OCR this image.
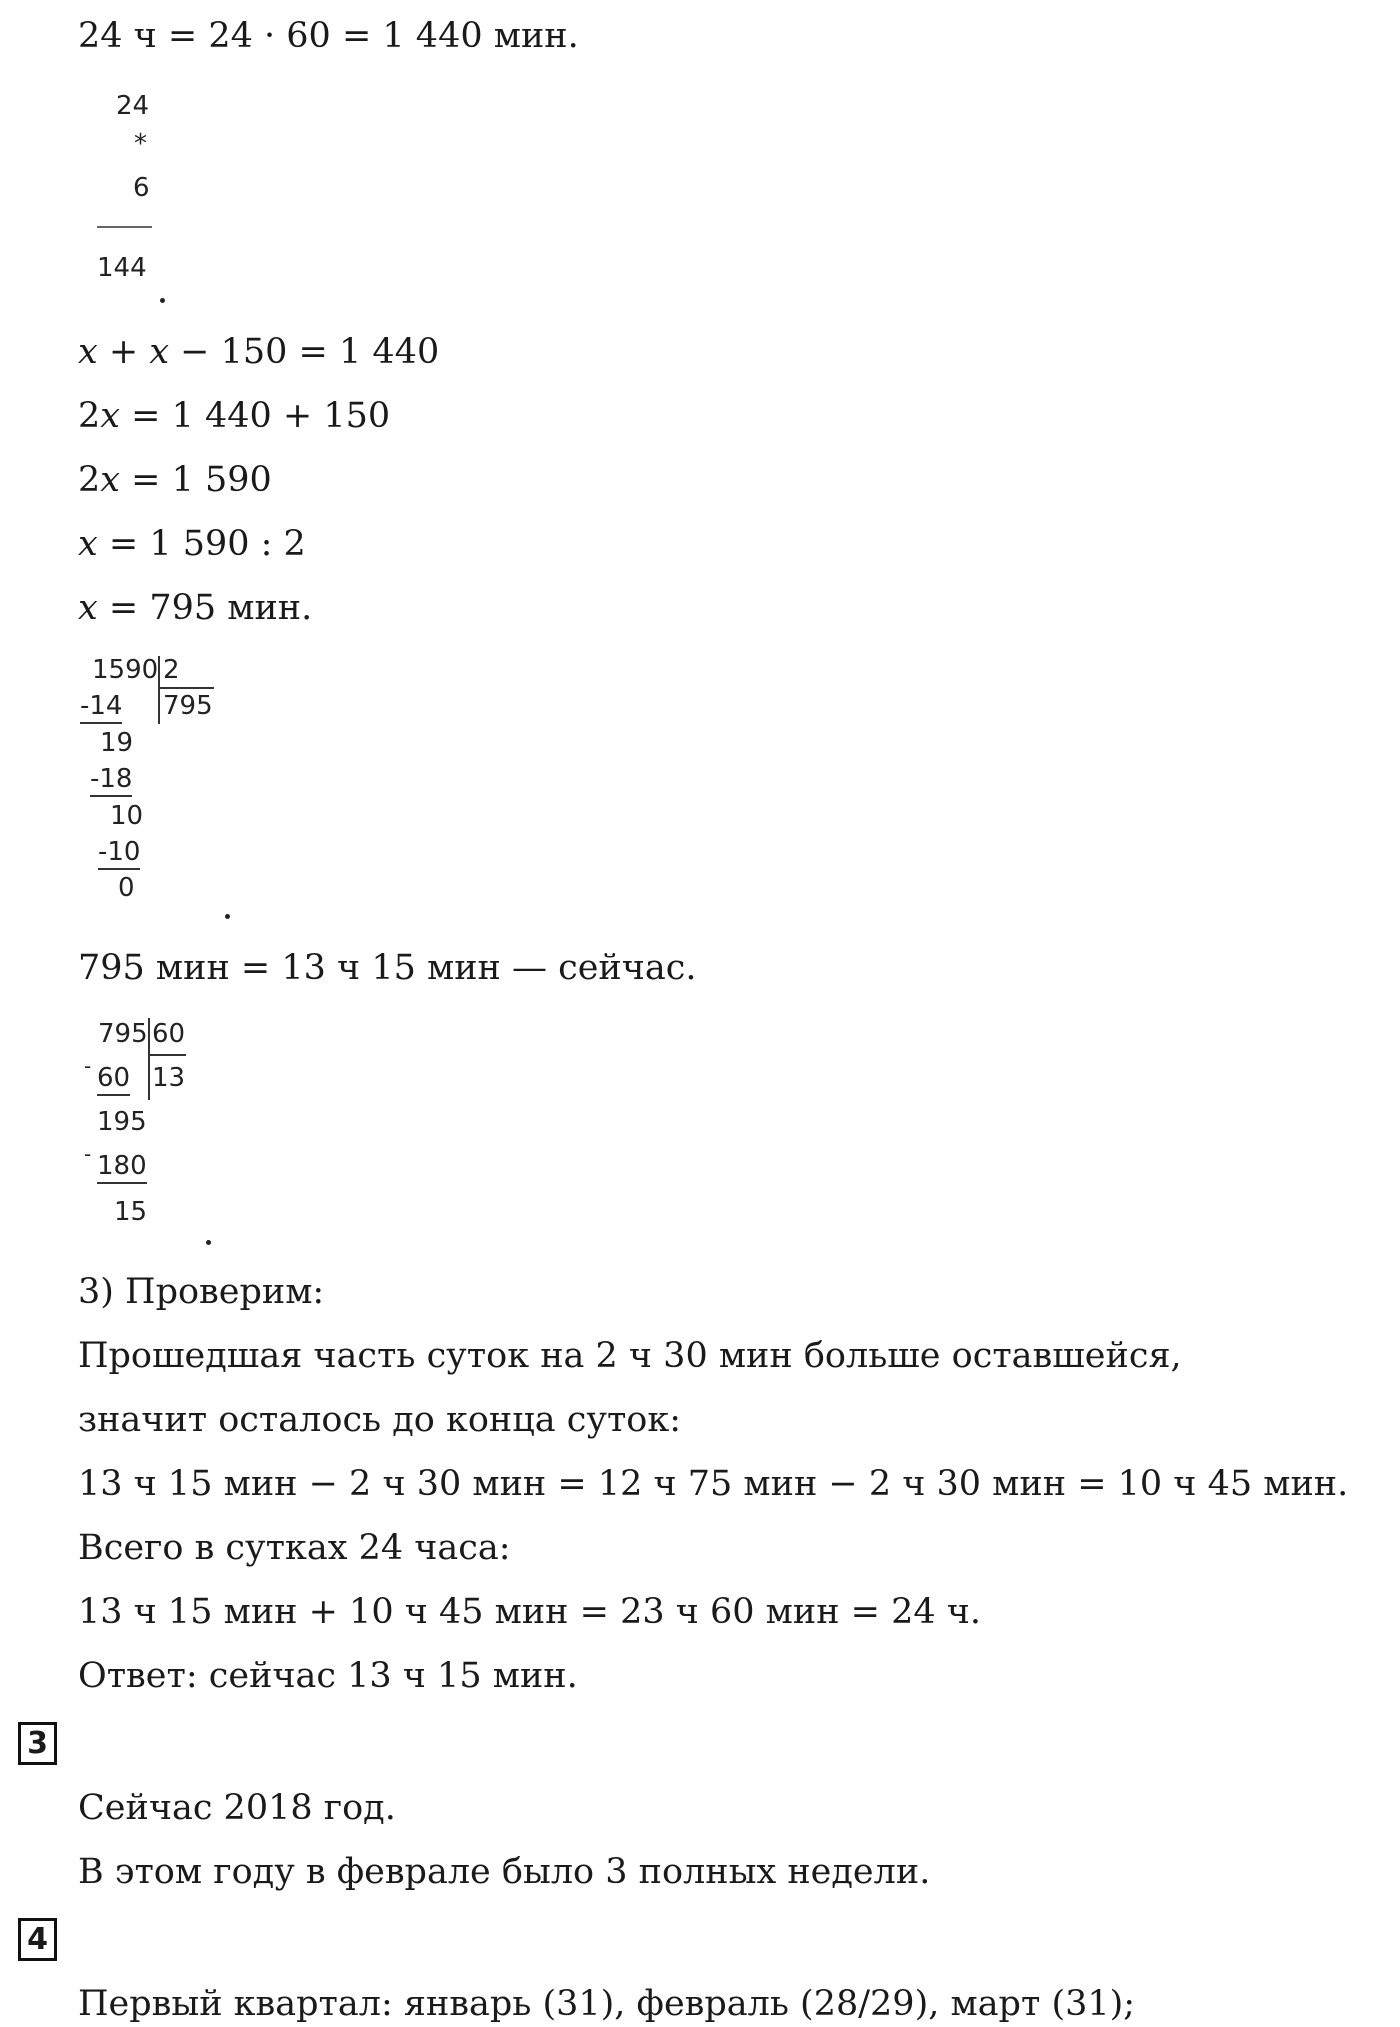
24 ч = 24 · 60 = 1 440 мин.
24
*
6
144
𝑥 + 𝑥 − 150 = 1 440
2𝑥 = 1 440 + 150
2𝑥 = 1 590
𝑥 = 1 590 : 2
𝑥 = 795 мин.
1590 2
795
-14
19
-18
10
-10
0
795 мин = 13 ч 15 мин — сейчас.
795 60
13
- 60
195
- 180
15
3) Проверим:
Прошедшая часть суток на 2 ч 30 мин больше оставшейся,
значит осталось до конца суток:
13 ч 15 мин − 2 ч 30 мин = 12 ч 75 мин − 2 ч 30 мин = 10 ч 45 мин.
Всего в сутках 24 часа:
13 ч 15 мин + 10 ч 45 мин = 23 ч 60 мин = 24 ч.
Ответ: сейчас 13 ч 15 мин.
3
Сейчас 2018 год.
В этом году в феврале было 3 полных недели.
4
Первый квартал: январь (31), февраль (28/29), март (31);
